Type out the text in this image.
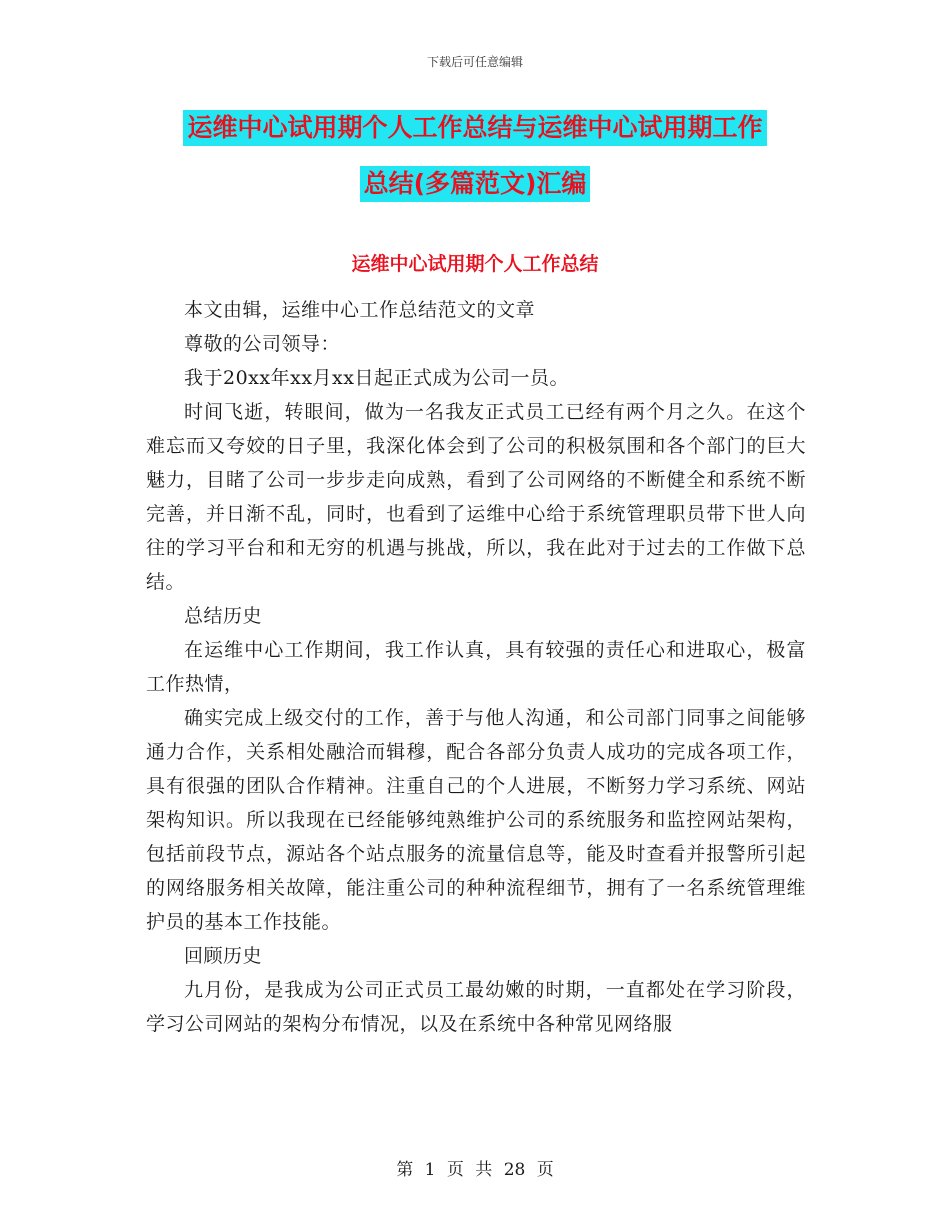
下载后可任意编辑
运维中心试用期个人工作总结与运维中心试用期工作
总结(多篇范文)汇编
运维中心试用期个人工作总结

本文由辑，运维中心工作总结范文的文章

尊敬的公司领导：

我于20xx年xx月xx日起正式成为公司一员。

时间飞逝，转眼间，做为一名我友正式员工已经有两个月之久。在这个难忘而又夸姣的日子里，我深化体会到了公司的积极氛围和各个部门的巨大魅力，目睹了公司一步步走向成熟，看到了公司网络的不断健全和系统不断完善，并日渐不乱，同时，也看到了运维中心给于系统管理职员带下世人向往的学习平台和和无穷的机遇与挑战，所以，我在此对于过去的工作做下总结。

总结历史

在运维中心工作期间，我工作认真，具有较强的责任心和进取心，极富工作热情，

确实完成上级交付的工作，善于与他人沟通，和公司部门同事之间能够通力合作，关系相处融洽而辑穆，配合各部分负责人成功的完成各项工作，具有很强的团队合作精神。注重自己的个人进展，不断努力学习系统、网站架构知识。所以我现在已经能够纯熟维护公司的系统服务和监控网站架构，包括前段节点，源站各个站点服务的流量信息等，能及时查看并报警所引起的网络服务相关故障，能注重公司的种种流程细节，拥有了一名系统管理维护员的基本工作技能。

回顾历史

九月份，是我成为公司正式员工最幼嫩的时期，一直都处在学习阶段，学习公司网站的架构分布情况，以及在系统中各种常见网络服

第 1 页 共 28 页
